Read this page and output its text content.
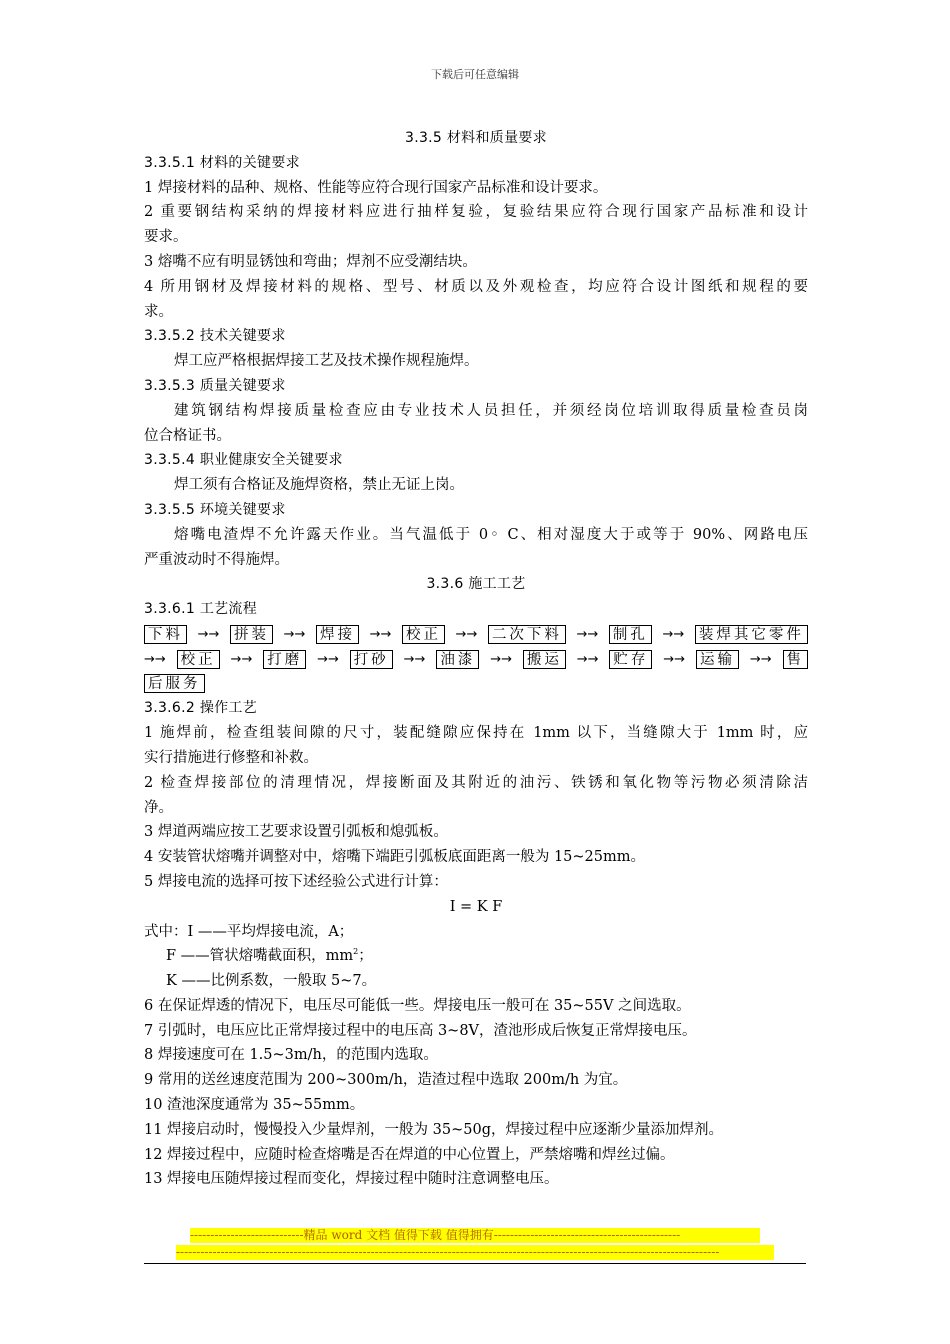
下载后可任意编辑
3.3.5 材料和质量要求
3.3.5.1 材料的关键要求
1 焊接材料的品种、规格、性能等应符合现行国家产品标准和设计要求。
2 重要钢结构采纳的焊接材料应进行抽样复验，复验结果应符合现行国家产品标准和设计
要求。
3 熔嘴不应有明显锈蚀和弯曲；焊剂不应受潮结块。
4 所用钢材及焊接材料的规格、型号、材质以及外观检查，均应符合设计图纸和规程的要
求。
3.3.5.2 技术关键要求
焊工应严格根据焊接工艺及技术操作规程施焊。
3.3.5.3 质量关键要求
建筑钢结构焊接质量检查应由专业技术人员担任，并须经岗位培训取得质量检查员岗
位合格证书。
3.3.5.4 职业健康安全关键要求
焊工须有合格证及施焊资格，禁止无证上岗。
3.3.5.5 环境关键要求
熔嘴电渣焊不允许露天作业。当气温低于 0◦ C、相对湿度大于或等于 90%、网路电压
严重波动时不得施焊。
3.3.6 施工工艺
3.3.6.1 工艺流程
下料	→→ 拼装	→→ 焊接	→→ 校正	→→ 二次下料	→→ 制孔	→→ 装焊其它零件
→→ 校正	→→ 打磨	→→ 打砂	→→ 油漆	→→ 搬运	→→ 贮存	→→ 运输	→→ 售
后服务
3.3.6.2 操作工艺
1 施焊前，检查组装间隙的尺寸，装配缝隙应保持在 1mm 以下，当缝隙大于 1mm 时，应
实行措施进行修整和补救。
2 检查焊接部位的清理情况，焊接断面及其附近的油污、铁锈和氧化物等污物必须清除洁
净。
3 焊道两端应按工艺要求设置引弧板和熄弧板。
4 安装管状熔嘴并调整对中，熔嘴下端距引弧板底面距离一般为 15~25mm。
5 焊接电流的选择可按下述经验公式进行计算：
I = K F
式中：I ——平均焊接电流，A；
F ——管状熔嘴截面积，$mm^2$；
K ——比例系数，一般取 5~7。
6 在保证焊透的情况下，电压尽可能低一些。焊接电压一般可在 35~55V 之间选取。
7 引弧时，电压应比正常焊接过程中的电压高 3~8V，渣池形成后恢复正常焊接电压。
8 焊接速度可在 1.5~3m/h，的范围内选取。
9 常用的送丝速度范围为 200~300m/h，造渣过程中选取 200m/h 为宜。
10 渣池深度通常为 35~55mm。
11 焊接启动时，慢慢投入少量焊剂，一般为 35~50g，焊接过程中应逐渐少量添加焊剂。
12 焊接过程中，应随时检查熔嘴是否在焊道的中心位置上，严禁熔嘴和焊丝过偏。
13 焊接电压随焊接过程而变化，焊接过程中随时注意调整电压。
----------------------------精品 word 文档 值得下载 值得拥有----------------------------------------------
--------------------------------------------------------------------------------------------------------------------------------------
